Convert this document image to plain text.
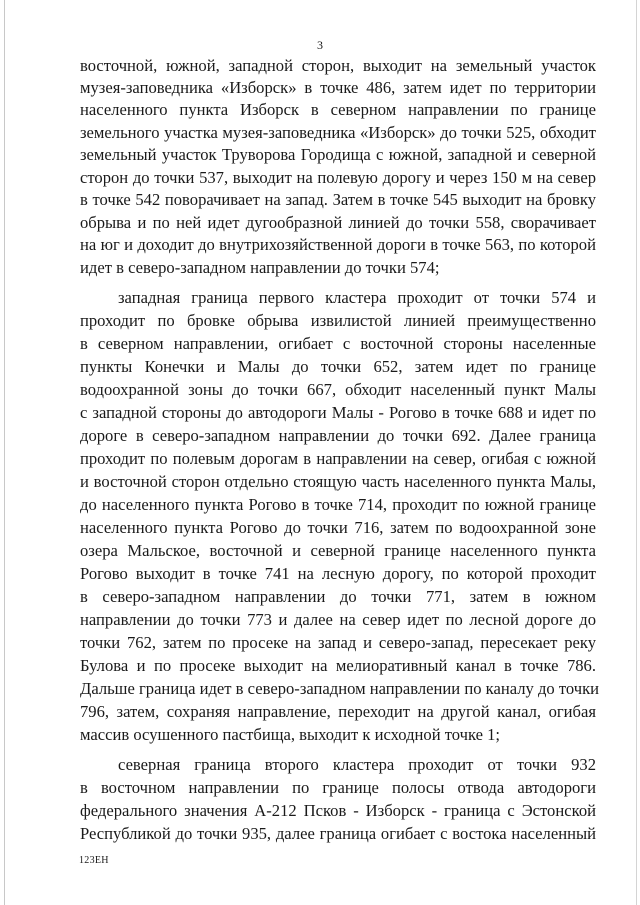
3
восточной, южной, западной сторон, выходит на земельный участок
музея-заповедника «Изборск» в точке 486, затем идет по территории
населенного пункта Изборск в северном направлении по границе
земельного участка музея-заповедника «Изборск» до точки 525, обходит
земельный участок Труворова Городища с южной, западной и северной
сторон до точки 537, выходит на полевую дорогу и через 150 м на север
в точке 542 поворачивает на запад. Затем в точке 545 выходит на бровку
обрыва и по ней идет дугообразной линией до точки 558, сворачивает
на юг и доходит до внутрихозяйственной дороги в точке 563, по которой
идет в северо-западном направлении до точки 574;
западная граница первого кластера проходит от точки 574 и
проходит по бровке обрыва извилистой линией преимущественно
в северном направлении, огибает с восточной стороны населенные
пункты Конечки и Малы до точки 652, затем идет по границе
водоохранной зоны до точки 667, обходит населенный пункт Малы
с западной стороны до автодороги Малы - Рогово в точке 688 и идет по
дороге в северо-западном направлении до точки 692. Далее граница
проходит по полевым дорогам в направлении на север, огибая с южной
и восточной сторон отдельно стоящую часть населенного пункта Малы,
до населенного пункта Рогово в точке 714, проходит по южной границе
населенного пункта Рогово до точки 716, затем по водоохранной зоне
озера Мальское, восточной и северной границе населенного пункта
Рогово выходит в точке 741 на лесную дорогу, по которой проходит
в северо-западном направлении до точки 771, затем в южном
направлении до точки 773 и далее на север идет по лесной дороге до
точки 762, затем по просеке на запад и северо-запад, пересекает реку
Булова и по просеке выходит на мелиоративный канал в точке 786.
Дальше граница идет в северо-западном направлении по каналу до точки
796, затем, сохраняя направление, переходит на другой канал, огибая
массив осушенного пастбища, выходит к исходной точке 1;
северная граница второго кластера проходит от точки 932
в восточном направлении по границе полосы отвода автодороги
федерального значения А-212 Псков - Изборск - граница с Эстонской
Республикой до точки 935, далее граница огибает с востока населенный
123EH
